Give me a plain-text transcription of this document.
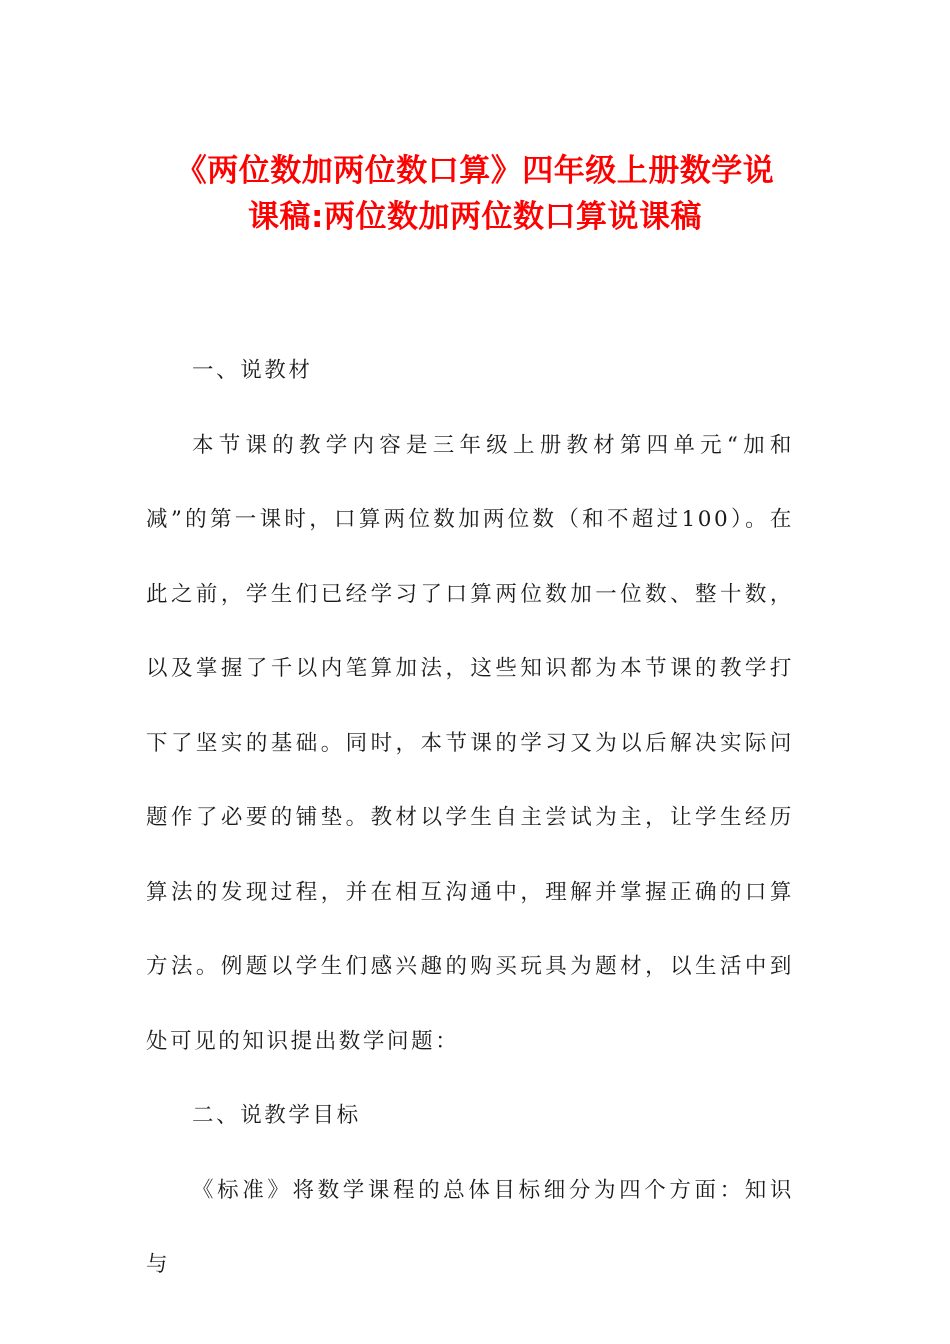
《两位数加两位数口算》四年级上册数学说
课稿:两位数加两位数口算说课稿

一、说教材

本节课的教学内容是三年级上册教材第四单元“加和减”的第一课时，口算两位数加两位数（和不超过100）。在此之前，学生们已经学习了口算两位数加一位数、整十数，以及掌握了千以内笔算加法，这些知识都为本节课的教学打下了坚实的基础。同时，本节课的学习又为以后解决实际问题作了必要的铺垫。教材以学生自主尝试为主，让学生经历算法的发现过程，并在相互沟通中，理解并掌握正确的口算方法。例题以学生们感兴趣的购买玩具为题材，以生活中到处可见的知识提出数学问题：

二、说教学目标

《标准》将数学课程的总体目标细分为四个方面：知识与
